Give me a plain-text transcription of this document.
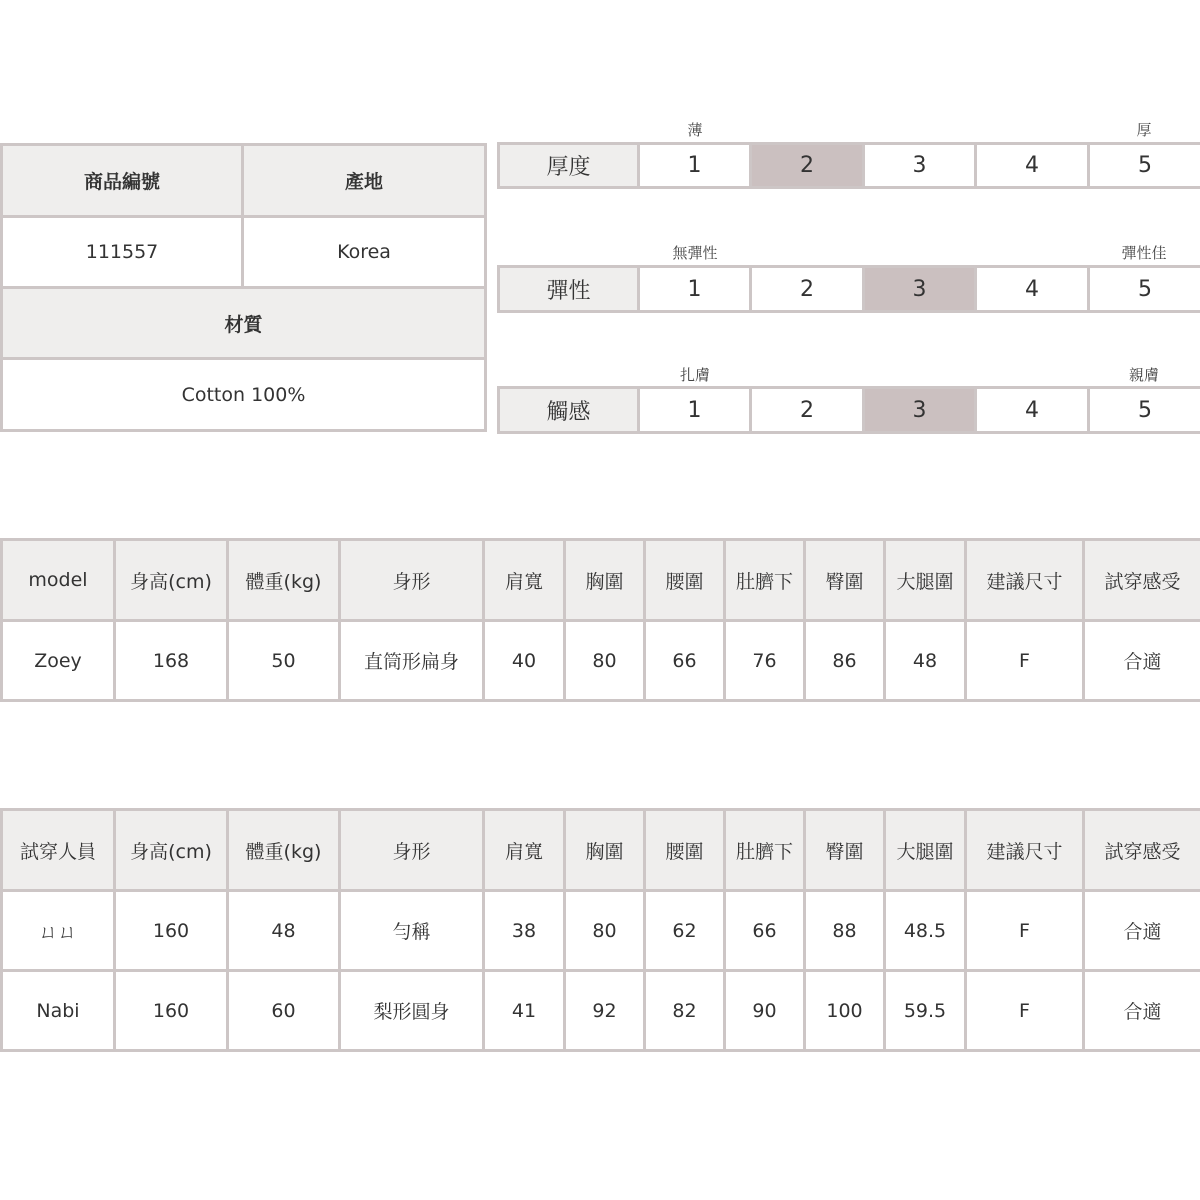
商品編號	產地
111557	Korea
材質	
Cotton 100%	
薄	厚
厚度	1	2	3	4	5
無彈性	彈性佳
彈性	1	2	3	4	5
扎膚	親膚
觸感	1	2	3	4	5
model	身高(cm)	體重(kg)	身形	肩寬	胸圍	腰圍	肚臍下	臀圍	大腿圍	建議尺寸	試穿感受
Zoey	168	50	直筒形扁身	40	80	66	76	86	48	F	合適
試穿人員	身高(cm)	體重(kg)	身形	肩寬	胸圍	腰圍	肚臍下	臀圍	大腿圍	建議尺寸	試穿感受
ㄩㄩ	160	48	勻稱	38	80	62	66	88	48.5	F	合適
Nabi	160	60	梨形圓身	41	92	82	90	100	59.5	F	合適
